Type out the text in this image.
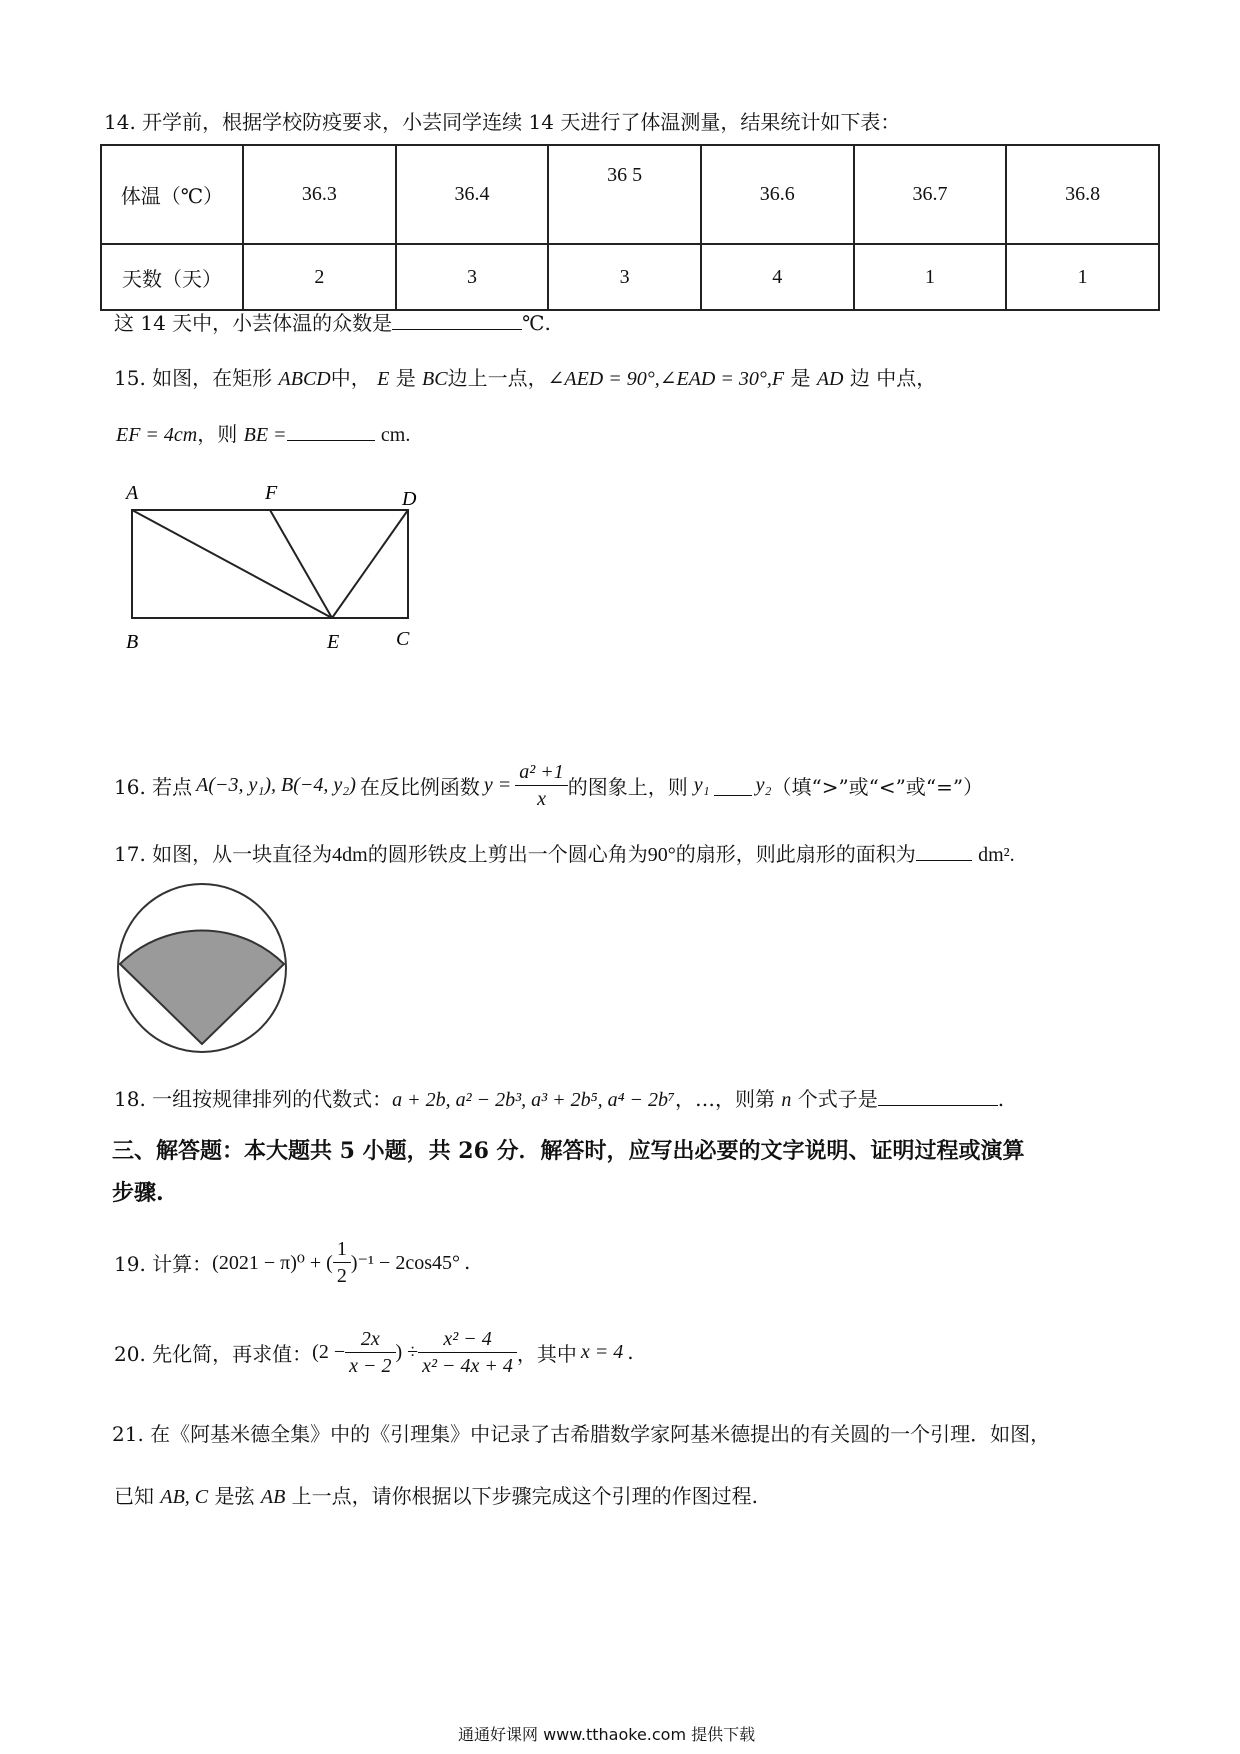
14. 开学前，根据学校防疫要求，小芸同学连续 14 天进行了体温测量，结果统计如下表：
体温（℃）	36.3	36.4	36 5	36.6	36.7	36.8
天数（天）	2	3	3	4	1	1
这 14 天中，小芸体温的众数是	℃.
15. 如图，在矩形 ABCD中， E 是 BC边上一点，∠AED = 90°,∠EAD = 30°,F 是 AD 边 中点，
EF = 4cm，则 BE =	cm.
A	F	D
B	E	C
16. 若点 A(−3, y₁), B(−4, y₂) 在反比例函数 $y = \frac{\text{a² +1}}{x}$ 的图象上，则 y₁ y₂ （填“>”或“<”或“=”）
17. 如图，从一块直径为4dm的圆形铁皮上剪出一个圆心角为90°的扇形，则此扇形的面积为	dm².
18. 一组按规律排列的代数式：a + 2b, a² − 2b³, a³ + 2b⁵, a⁴ − 2b⁷，…，则第 n 个式子是	.
三、解答题：本大题共 5 小题，共 26 分．解答时，应写出必要的文字说明、证明过程或演算
步骤.
19. 计算： (2021 − π)⁰ + ( $\frac{1}{2} )^{-1} - 2\cos 45^\circ$ .
20. 先化简，再求值： ($2 - \frac{2x}{x - 2}$ ) ÷ $\frac{\text{x² − 4}}{\text{x² − 4x + 4}}$ ，其中 x = 4 .
21. 在《阿基米德全集》中的《引理集》中记录了古希腊数学家阿基米德提出的有关圆的一个引理．如图，
已知 AB, C 是弦 AB 上一点，请你根据以下步骤完成这个引理的作图过程.
通通好课网 www.tthaoke.com 提供下载
